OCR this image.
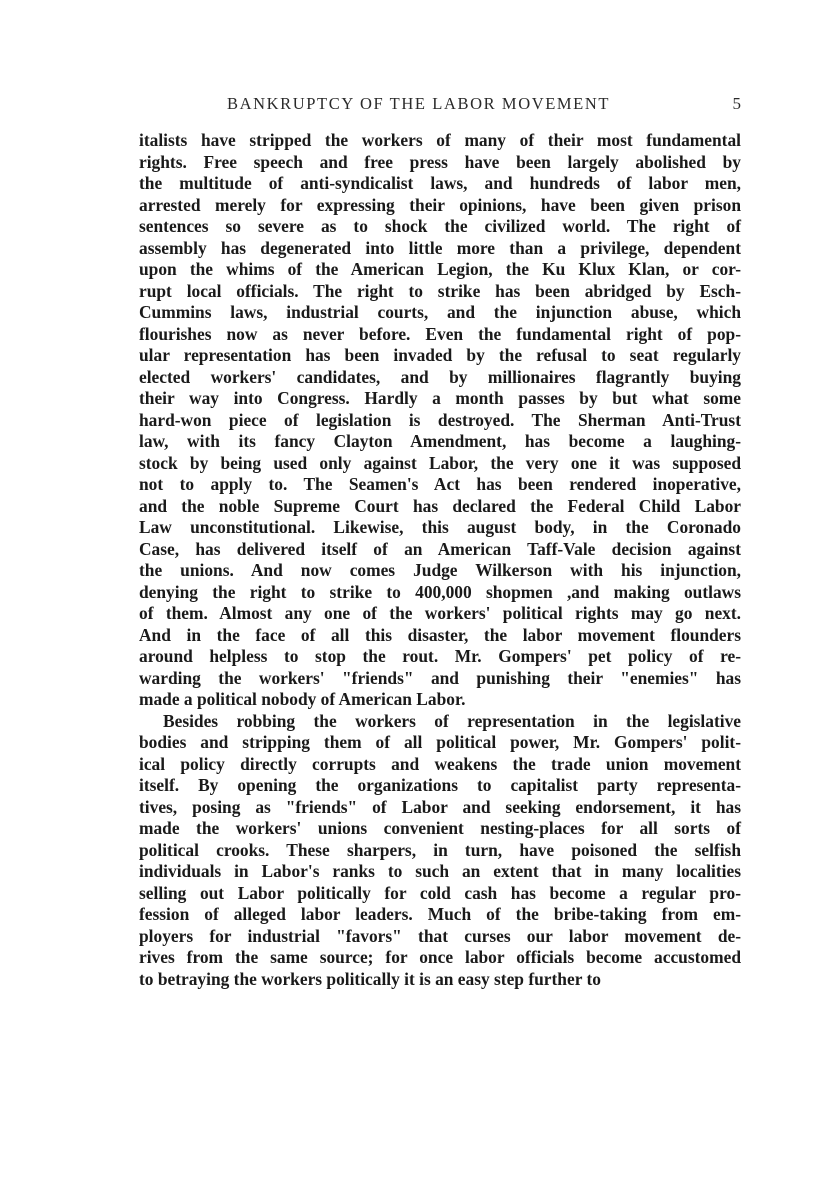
BANKRUPTCY OF THE LABOR MOVEMENT	5
italists have stripped the workers of many of their most fundamental
rights. Free speech and free press have been largely abolished by
the multitude of anti-syndicalist laws, and hundreds of labor men,
arrested merely for expressing their opinions, have been given prison
sentences so severe as to shock the civilized world. The right of
assembly has degenerated into little more than a privilege, dependent
upon the whims of the American Legion, the Ku Klux Klan, or cor-
rupt local officials. The right to strike has been abridged by Esch-
Cummins laws, industrial courts, and the injunction abuse, which
flourishes now as never before. Even the fundamental right of pop-
ular representation has been invaded by the refusal to seat regularly
elected workers' candidates, and by millionaires flagrantly buying
their way into Congress. Hardly a month passes by but what some
hard-won piece of legislation is destroyed. The Sherman Anti-Trust
law, with its fancy Clayton Amendment, has become a laughing-
stock by being used only against Labor, the very one it was supposed
not to apply to. The Seamen's Act has been rendered inoperative,
and the noble Supreme Court has declared the Federal Child Labor
Law unconstitutional. Likewise, this august body, in the Coronado
Case, has delivered itself of an American Taff-Vale decision against
the unions. And now comes Judge Wilkerson with his injunction,
denying the right to strike to 400,000 shopmen ,and making outlaws
of them. Almost any one of the workers' political rights may go next.
And in the face of all this disaster, the labor movement flounders
around helpless to stop the rout. Mr. Gompers' pet policy of re-
warding the workers' "friends" and punishing their "enemies" has
made a political nobody of American Labor.
Besides robbing the workers of representation in the legislative
bodies and stripping them of all political power, Mr. Gompers' polit-
ical policy directly corrupts and weakens the trade union movement
itself. By opening the organizations to capitalist party representa-
tives, posing as "friends" of Labor and seeking endorsement, it has
made the workers' unions convenient nesting-places for all sorts of
political crooks. These sharpers, in turn, have poisoned the selfish
individuals in Labor's ranks to such an extent that in many localities
selling out Labor politically for cold cash has become a regular pro-
fession of alleged labor leaders. Much of the bribe-taking from em-
ployers for industrial "favors" that curses our labor movement de-
rives from the same source; for once labor officials become accustomed
to betraying the workers politically it is an easy step further to
